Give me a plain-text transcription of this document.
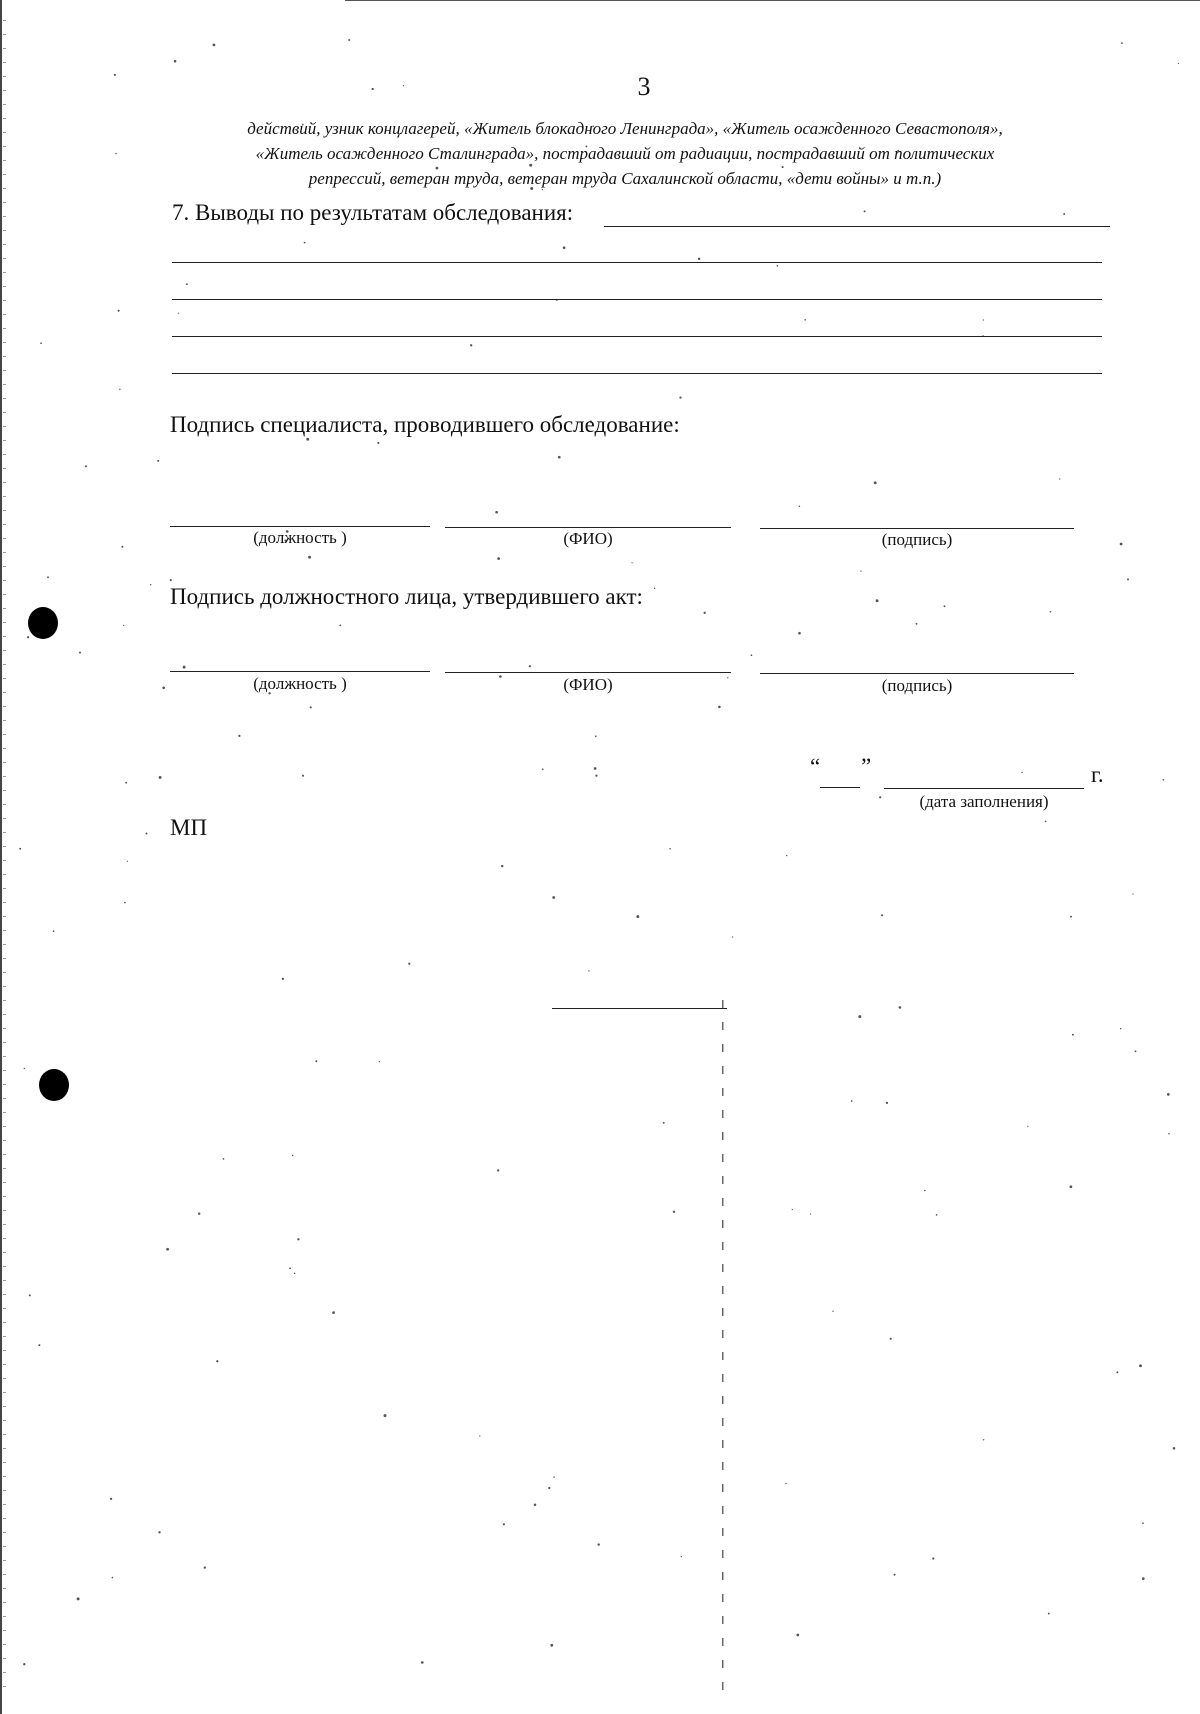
3
действий, узник концлагерей, «Житель блокадного Ленинграда», «Житель осажденного Севастополя»,
«Житель осажденного Сталинграда», пострадавший от радиации, пострадавший от политических
репрессий, ветеран труда, ветеран труда Сахалинской области, «дети войны» и т.п.)
7. Выводы по результатам обследования:
Подпись специалиста, проводившего обследование:
(должность )	(ФИО)	(подпись)
Подпись должностного лица, утвердившего акт:
(должность )	(ФИО)	(подпись)
“ ”	г.
(дата заполнения)
МП
